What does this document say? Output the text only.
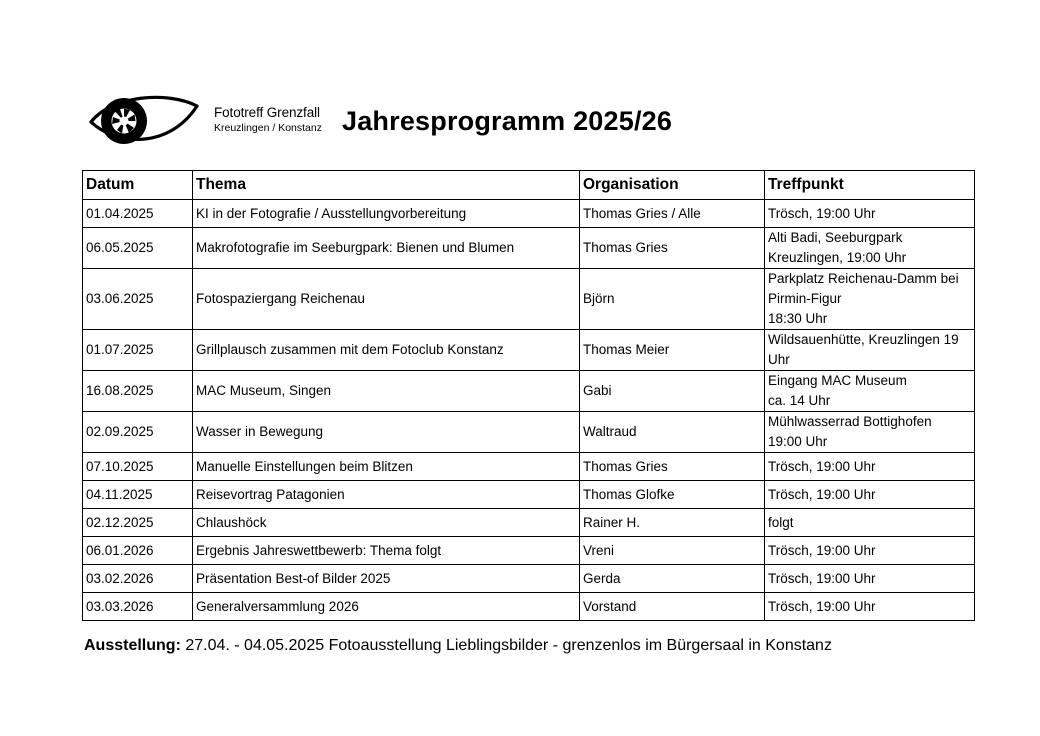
Fototreff Grenzfall
Kreuzlingen / Konstanz Jahresprogramm 2025/26
Datum	Thema	Organisation	Treffpunkt
01.04.2025	KI in der Fotografie / Ausstellungvorbereitung	Thomas Gries / Alle	Trösch, 19:00 Uhr
06.05.2025	Makrofotografie im Seeburgpark: Bienen und Blumen	Thomas Gries	Alti Badi, Seeburgpark
Kreuzlingen, 19:00 Uhr
03.06.2025	Fotospaziergang Reichenau	Björn	Parkplatz Reichenau-Damm bei
Pirmin-Figur
18:30 Uhr
01.07.2025	Grillplausch zusammen mit dem Fotoclub Konstanz	Thomas Meier	Wildsauenhütte, Kreuzlingen 19
Uhr
16.08.2025	MAC Museum, Singen	Gabi	Eingang MAC Museum
ca. 14 Uhr
02.09.2025	Wasser in Bewegung	Waltraud	Mühlwasserrad Bottighofen
19:00 Uhr
07.10.2025	Manuelle Einstellungen beim Blitzen	Thomas Gries	Trösch, 19:00 Uhr
04.11.2025	Reisevortrag Patagonien	Thomas Glofke	Trösch, 19:00 Uhr
02.12.2025	Chlaushöck	Rainer H.	folgt
06.01.2026	Ergebnis Jahreswettbewerb: Thema folgt	Vreni	Trösch, 19:00 Uhr
03.02.2026	Präsentation Best-of Bilder 2025	Gerda	Trösch, 19:00 Uhr
03.03.2026	Generalversammlung 2026	Vorstand	Trösch, 19:00 Uhr
Ausstellung: 27.04. - 04.05.2025 Fotoausstellung Lieblingsbilder - grenzenlos im Bürgersaal in Konstanz
